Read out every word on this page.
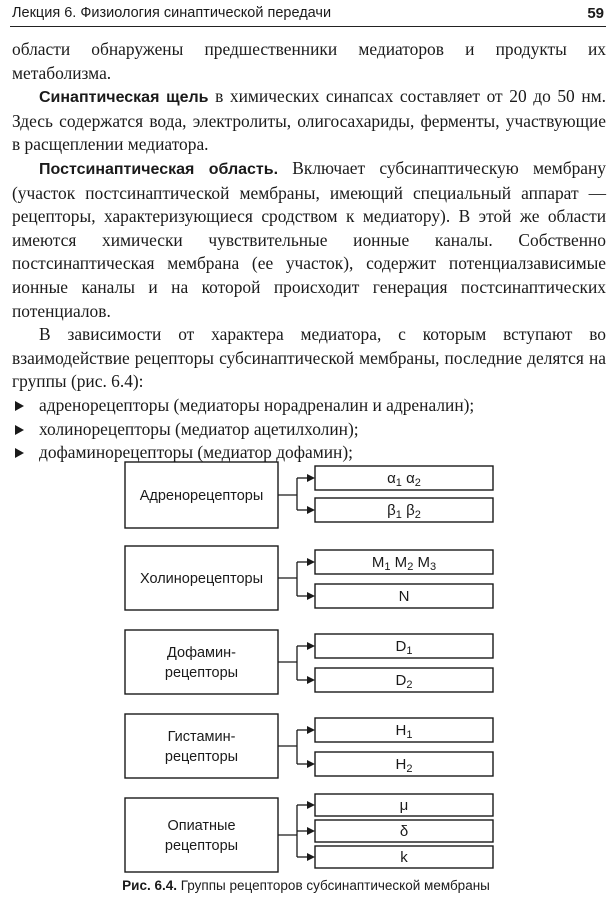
Лекция 6. Физиология синаптической передачи	59

области обнаружены предшественники медиаторов и продукты их метаболизма.

Синаптическая щель в химических синапсах составляет от 20 до 50 нм. Здесь содержатся вода, электролиты, олигосахариды, ферменты, участвующие в расщеплении медиатора.

Постсинаптическая область. Включает субсинаптическую мембрану (участок постсинаптической мембраны, имеющий специальный аппарат — рецепторы, характеризующиеся сродством к медиатору). В этой же области имеются химически чувствительные ионные каналы. Собственно постсинаптическая мембрана (ее участок), содержит потенциалзависимые ионные каналы и на которой происходит генерация постсинаптических потенциалов.

В зависимости от характера медиатора, с которым вступают во взаимодействие рецепторы субсинаптической мембраны, последние делятся на группы (рис. 6.4):

адренорецепторы (медиаторы норадреналин и адреналин);
холинорецепторы (медиатор ацетилхолин);
дофаминорецепторы (медиатор дофамин);
Адренорецепторы
α1 α2
β1 β2
Холинорецепторы
M1 M2 M3
N
Дофамин-
рецепторы
D1
D2
Гистамин-
рецепторы
H1
H2
Опиатные
рецепторы
μ
δ
k
Рис. 6.4. Группы рецепторов субсинаптической мембраны
